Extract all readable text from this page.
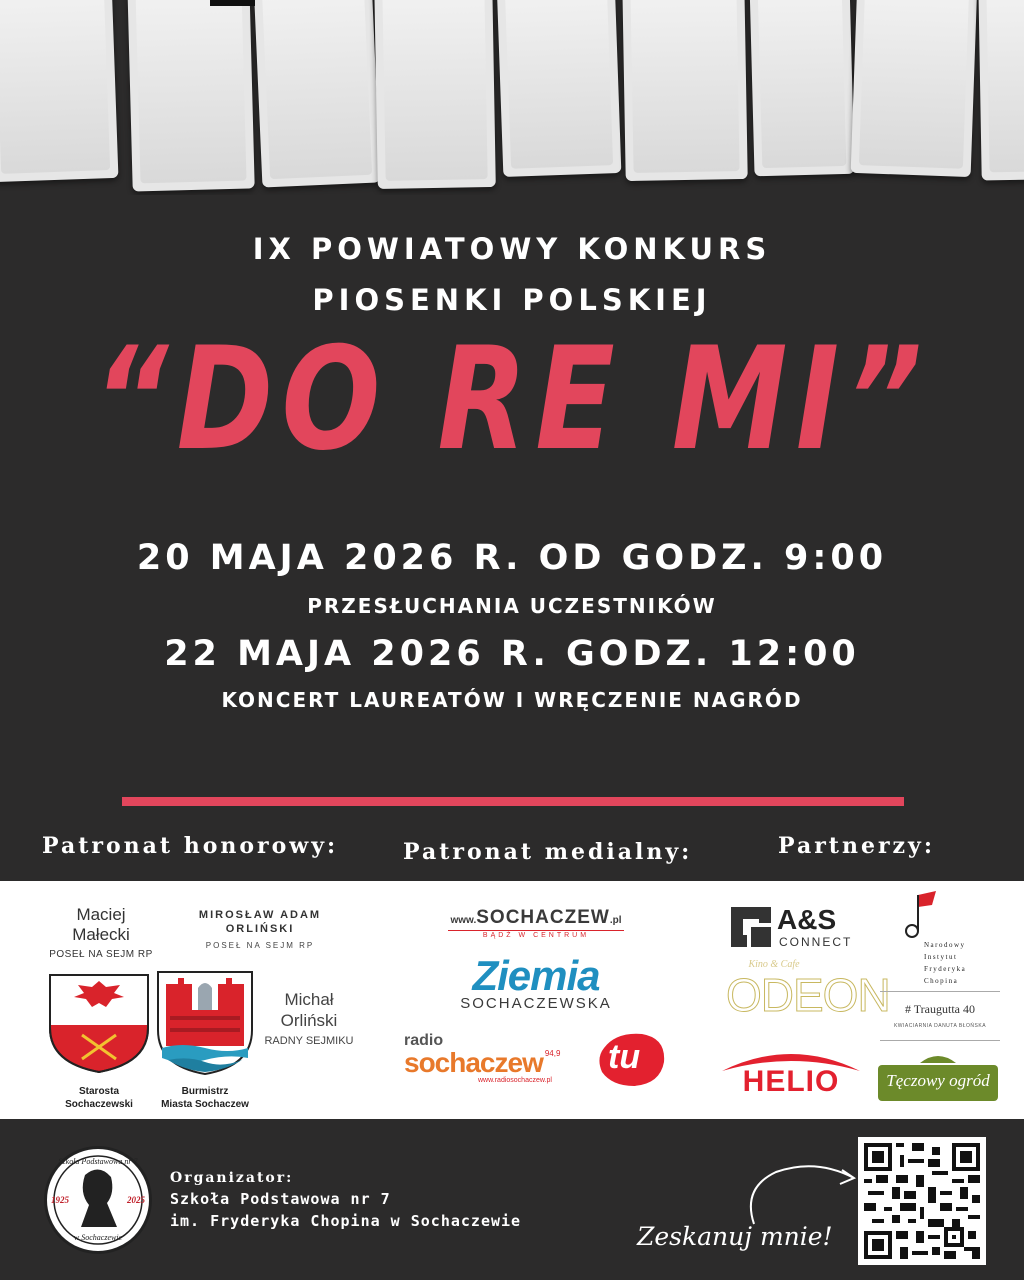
IX POWIATOWY KONKURS
PIOSENKI POLSKIEJ
“DO RE MI”
20 MAJA 2026 R. OD GODZ. 9:00
PRZESŁUCHANIA UCZESTNIKÓW
22 MAJA 2026 R. GODZ. 12:00
KONCERT LAUREATÓW I WRĘCZENIE NAGRÓD
Patronat honorowy:	Patronat medialny:	Partnerzy:
Maciej
Małecki
POSEŁ NA SEJM RP
MIROSŁAW ADAM
ORLIŃSKI
POSEŁ NA SEJM RP
Starosta
Sochaczewski
Burmistrz
Miasta Sochaczew
Michał
Orliński
RADNY SEJMIKU
www.SOCHACZEW.pl
BĄDŹ W CENTRUM
Ziemia
SOCHACZEWSKA
radio
sochaczew 94,9
www.radiosochaczew.pl
tu
A&S
CONNECT	Narodowy
Instytut
Fryderyka
Chopina
Kino & Cafe
ODEON	# Traugutta 40
KWIACIARNIA DANUTA BŁOŃSKA
HELIO	Tęczowy ogród
Szkoła Podstawowa nr 7
1925	2025
w Sochaczewie
Organizator:
Szkoła Podstawowa nr 7
im. Fryderyka Chopina w Sochaczewie
Zeskanuj mnie!
